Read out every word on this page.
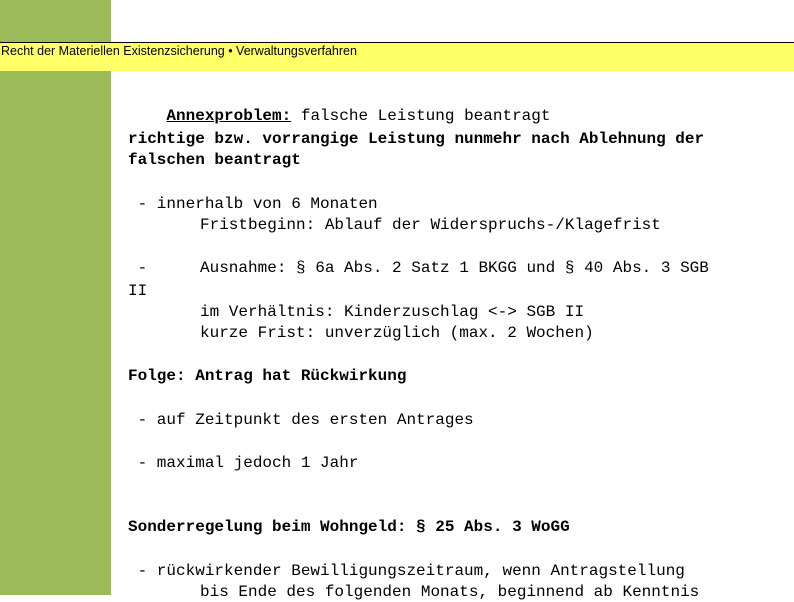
Recht der Materiellen Existenzsicherung • Verwaltungsverfahren

Annexproblem: falsche Leistung beantragt

richtige bzw. vorrangige Leistung nunmehr nach Ablehnung der
falschen beantragt
- innerhalb von 6 Monaten
Fristbeginn: Ablauf der Widerspruchs-/Klagefrist
-	Ausnahme: § 6a Abs. 2 Satz 1 BKGG und § 40 Abs. 3 SGB
II
im Verhältnis: Kinderzuschlag <-> SGB II
kurze Frist: unverzüglich (max. 2 Wochen)
Folge: Antrag hat Rückwirkung
- auf Zeitpunkt des ersten Antrages
- maximal jedoch 1 Jahr
Sonderregelung beim Wohngeld: § 25 Abs. 3 WoGG
- rückwirkender Bewilligungszeitraum, wenn Antragstellung
bis Ende des folgenden Monats, beginnend ab Kenntnis
